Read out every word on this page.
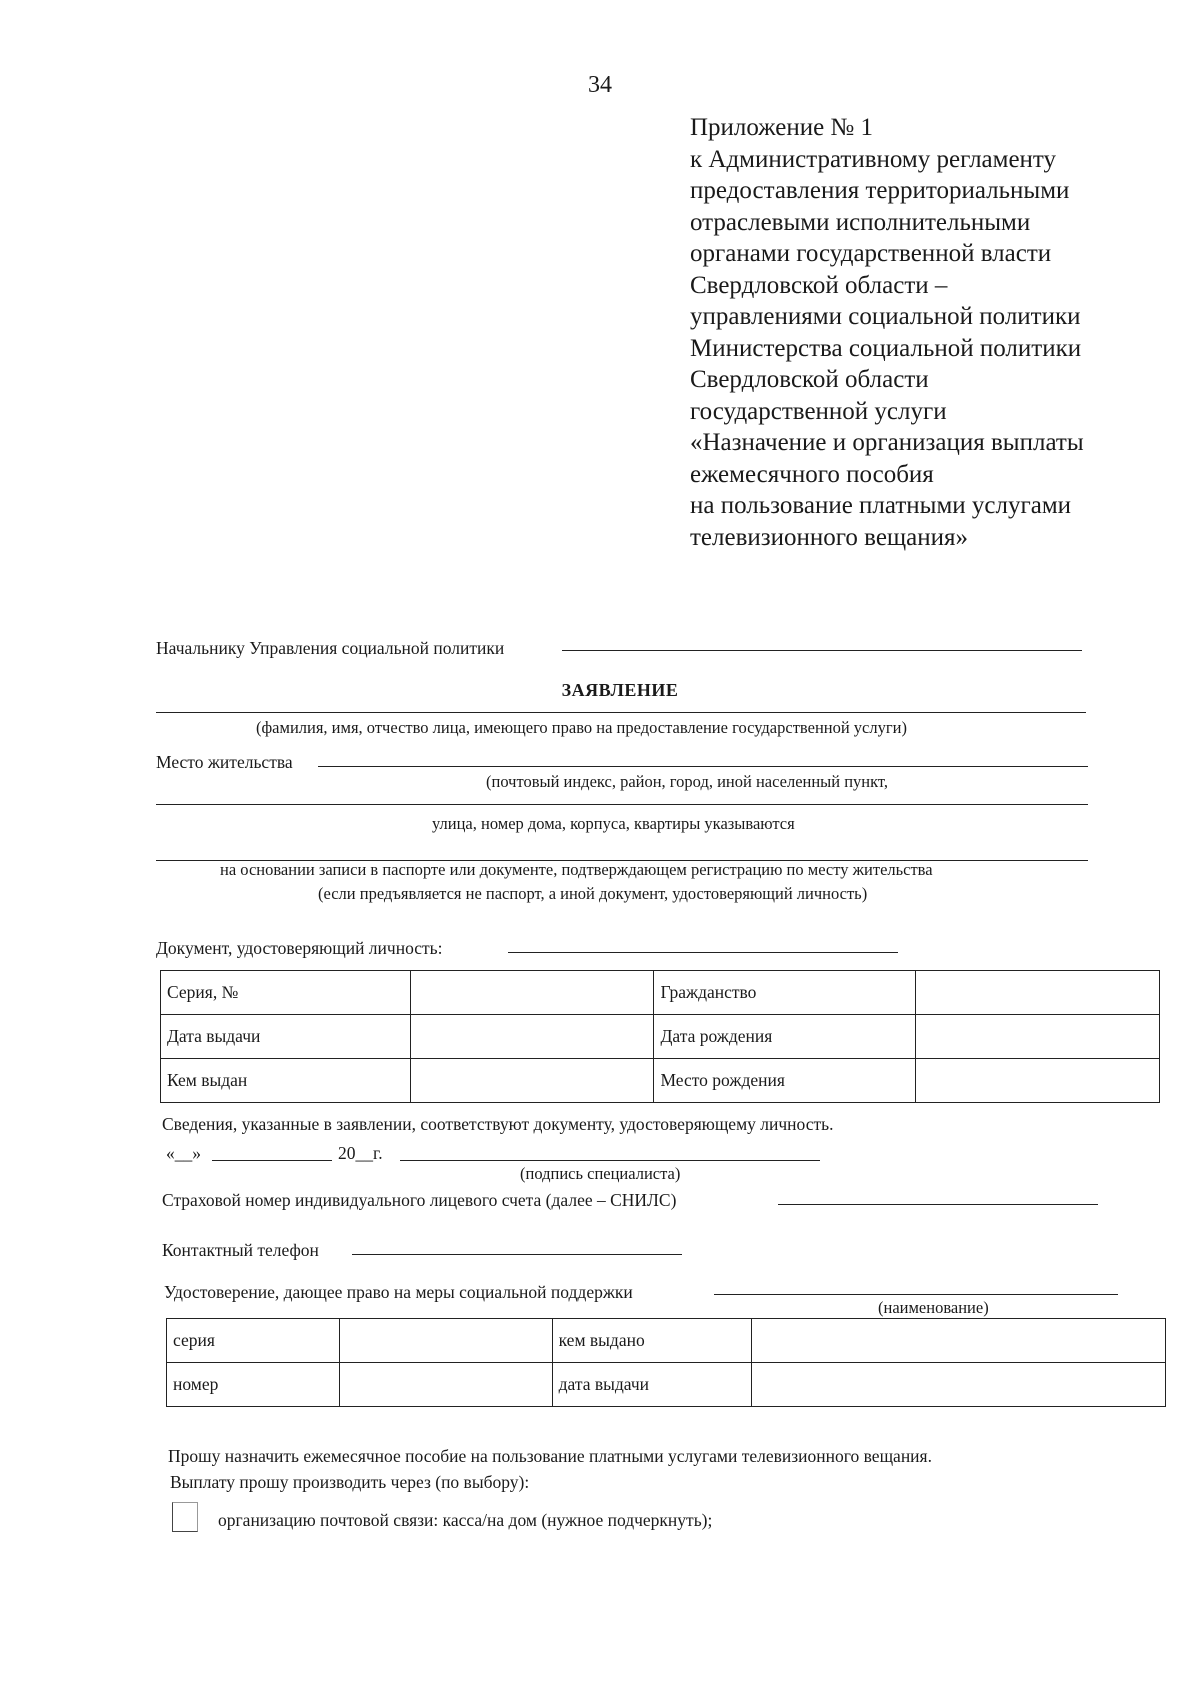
34
Приложение № 1
к Административному регламенту
предоставления территориальными
отраслевыми исполнительными
органами государственной власти
Свердловской области –
управлениями социальной политики
Министерства социальной политики
Свердловской области
государственной услуги
«Назначение и организация выплаты
ежемесячного пособия
на пользование платными услугами
телевизионного вещания»
Начальнику Управления социальной политики
ЗАЯВЛЕНИЕ
(фамилия, имя, отчество лица, имеющего право на предоставление государственной услуги)
Место жительства
(почтовый индекс, район, город, иной населенный пункт,
улица, номер дома, корпуса, квартиры указываются
на основании записи в паспорте или документе, подтверждающем регистрацию по месту жительства
(если предъявляется не паспорт, а иной документ, удостоверяющий личность)
Документ, удостоверяющий личность:
Серия, №		Гражданство	
Дата выдачи		Дата рождения	
Кем выдан		Место рождения	
Сведения, указанные в заявлении, соответствуют документу, удостоверяющему личность.
«__»	20__г.
(подпись специалиста)
Страховой номер индивидуального лицевого счета (далее – СНИЛС)
Контактный телефон
Удостоверение, дающее право на меры социальной поддержки
(наименование)
серия		кем выдано	
номер		дата выдачи	
Прошу назначить ежемесячное пособие на пользование платными услугами телевизионного вещания.
Выплату прошу производить через (по выбору):
организацию почтовой связи: касса/на дом (нужное подчеркнуть);
